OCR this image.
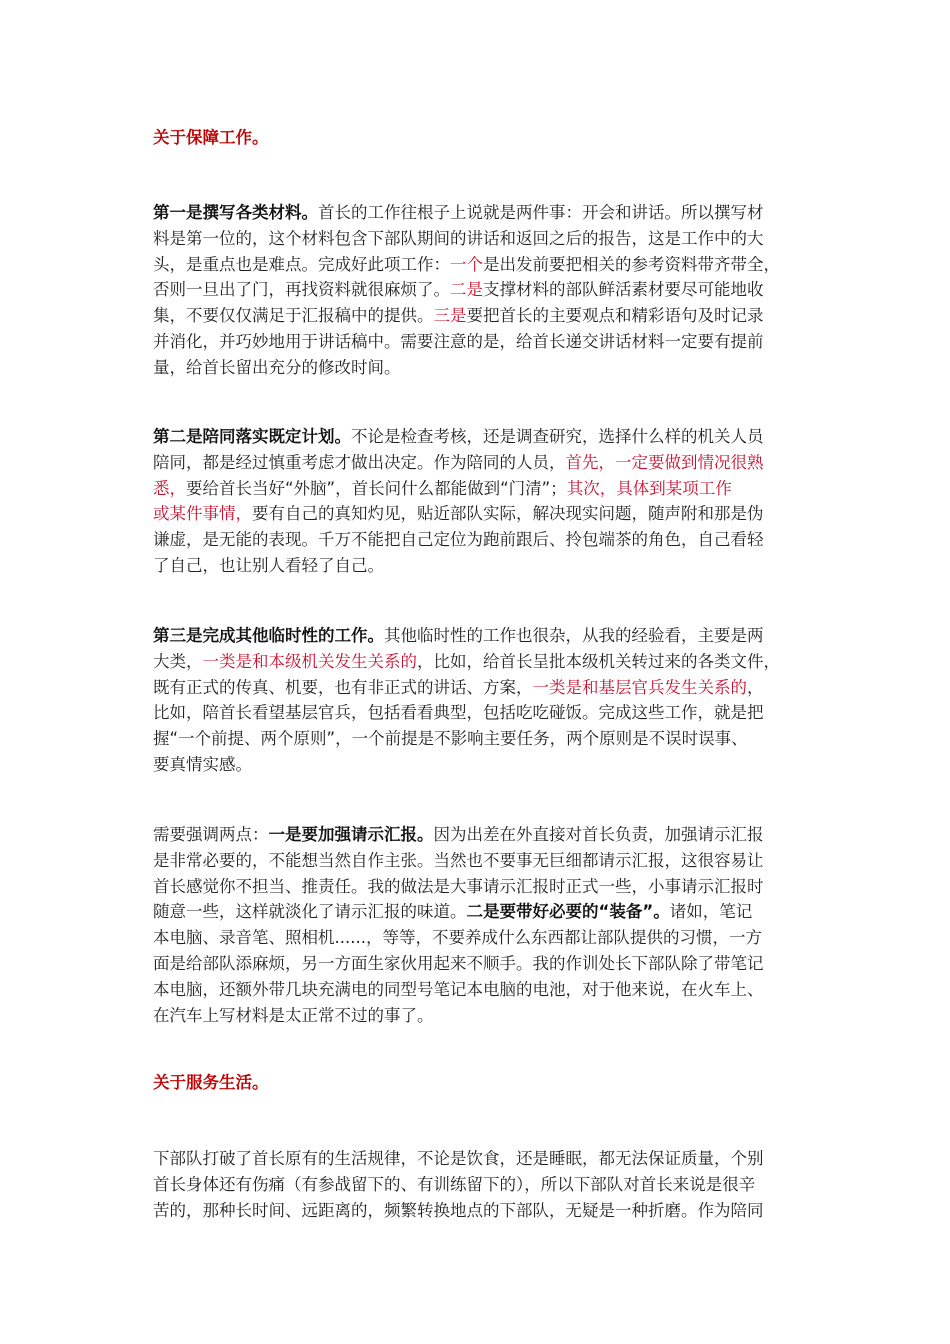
关于保障工作。
第一是撰写各类材料。首长的工作往根子上说就是两件事：开会和讲话。所以撰写材
料是第一位的，这个材料包含下部队期间的讲话和返回之后的报告，这是工作中的大
头，是重点也是难点。完成好此项工作：一个是出发前要把相关的参考资料带齐带全，
否则一旦出了门，再找资料就很麻烦了。二是支撑材料的部队鲜活素材要尽可能地收
集，不要仅仅满足于汇报稿中的提供。三是要把首长的主要观点和精彩语句及时记录
并消化，并巧妙地用于讲话稿中。需要注意的是，给首长递交讲话材料一定要有提前
量，给首长留出充分的修改时间。
第二是陪同落实既定计划。不论是检查考核，还是调查研究，选择什么样的机关人员
陪同，都是经过慎重考虑才做出决定。作为陪同的人员，首先，一定要做到情况很熟
悉，要给首长当好“外脑”，首长问什么都能做到“门清”；其次，具体到某项工作
或某件事情，要有自己的真知灼见，贴近部队实际，解决现实问题，随声附和那是伪
谦虚，是无能的表现。千万不能把自己定位为跑前跟后、拎包端茶的角色，自己看轻
了自己，也让别人看轻了自己。
第三是完成其他临时性的工作。其他临时性的工作也很杂，从我的经验看，主要是两
大类，一类是和本级机关发生关系的，比如，给首长呈批本级机关转过来的各类文件，
既有正式的传真、机要，也有非正式的讲话、方案，一类是和基层官兵发生关系的，
比如，陪首长看望基层官兵，包括看看典型，包括吃吃碰饭。完成这些工作，就是把
握“一个前提、两个原则”，一个前提是不影响主要任务，两个原则是不误时误事、
要真情实感。
需要强调两点：一是要加强请示汇报。因为出差在外直接对首长负责，加强请示汇报
是非常必要的，不能想当然自作主张。当然也不要事无巨细都请示汇报，这很容易让
首长感觉你不担当、推责任。我的做法是大事请示汇报时正式一些，小事请示汇报时
随意一些，这样就淡化了请示汇报的味道。二是要带好必要的“装备”。诸如，笔记
本电脑、录音笔、照相机......，等等，不要养成什么东西都让部队提供的习惯，一方
面是给部队添麻烦，另一方面生家伙用起来不顺手。我的作训处长下部队除了带笔记
本电脑，还额外带几块充满电的同型号笔记本电脑的电池，对于他来说，在火车上、
在汽车上写材料是太正常不过的事了。
关于服务生活。
下部队打破了首长原有的生活规律，不论是饮食，还是睡眠，都无法保证质量，个别
首长身体还有伤痛（有参战留下的、有训练留下的），所以下部队对首长来说是很辛
苦的，那种长时间、远距离的，频繁转换地点的下部队，无疑是一种折磨。作为陪同
